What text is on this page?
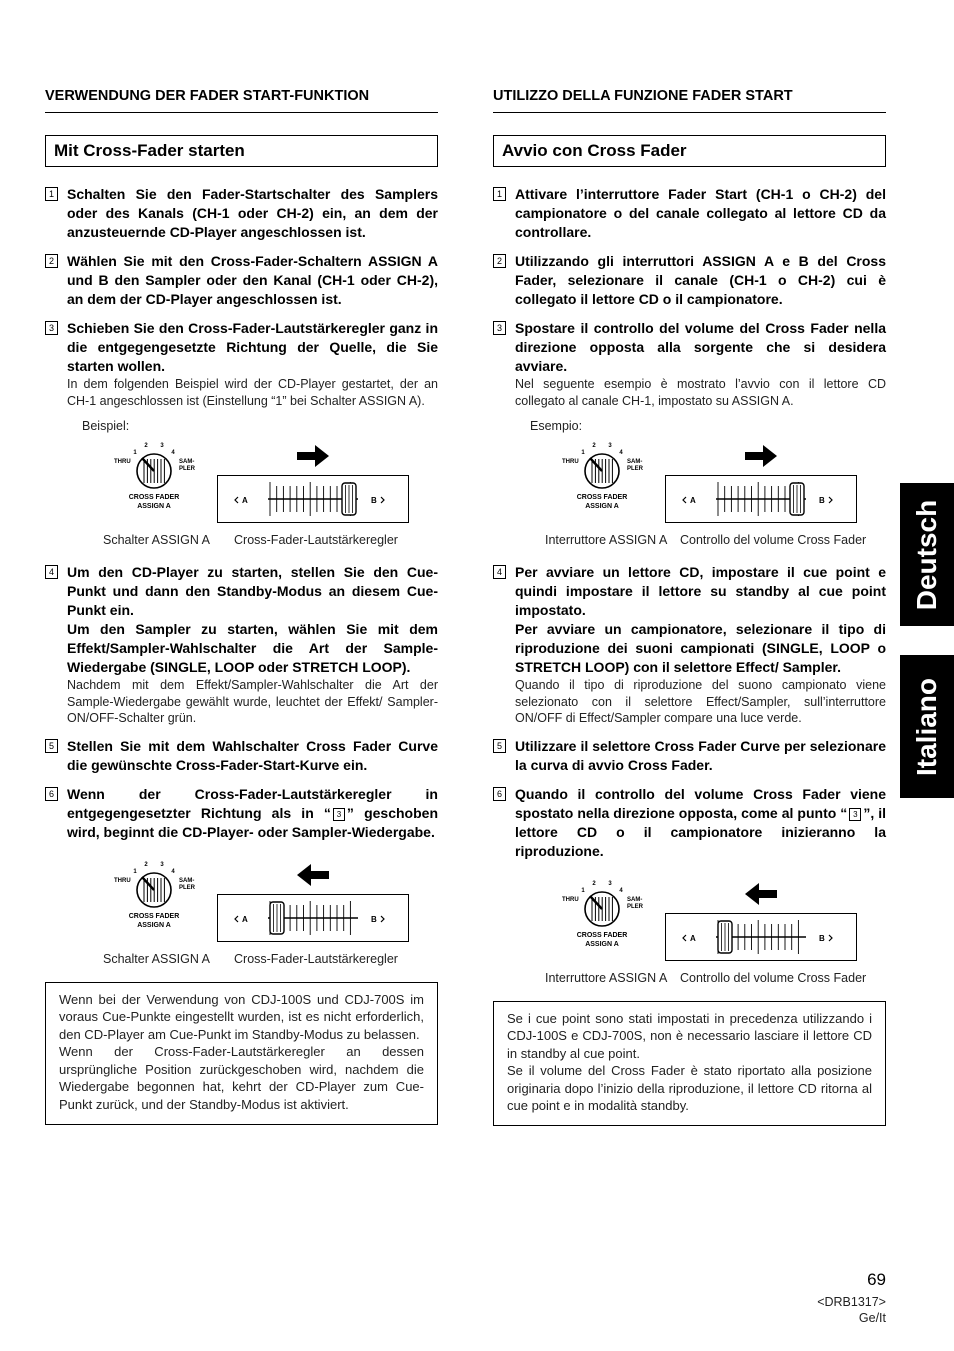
VERWENDUNG DER FADER START-FUNKTION
Mit Cross-Fader starten
1 Schalten Sie den Fader-Startschalter des Samplers oder des Kanals (CH-1 oder CH-2) ein, an dem der anzusteuernde CD-Player angeschlossen ist.

2 Wählen Sie mit den Cross-Fader-Schaltern ASSIGN A und B den Sampler oder den Kanal (CH-1 oder CH-2), an dem der CD-Player angeschlossen ist.

3 Schieben Sie den Cross-Fader-Lautstärkeregler ganz in die entgegengesetzte Richtung der Quelle, die Sie starten wollen.

In dem folgenden Beispiel wird der CD-Player gestartet, der an CH-1 angeschlossen ist (Einstellung “1” bei Schalter ASSIGN A).
Beispiel:
1
2 3
4
THRU	SAM-
PLER
CROSS FADER
ASSIGN A
A	B
Schalter ASSIGN A Cross-Fader-Lautstärkeregler
4 Um den CD-Player zu starten, stellen Sie den Cue-Punkt und dann den Standby-Modus an diesem Cue-Punkt ein.

Um den Sampler zu starten, wählen Sie mit dem Effekt/Sampler-Wahlschalter die Art der Sample-Wiedergabe (SINGLE, LOOP oder STRETCH LOOP).

Nachdem mit dem Effekt/Sampler-Wahlschalter die Art der Sample-Wiedergabe gewählt wurde, leuchtet der Effekt/ Sampler-ON/OFF-Schalter grün.
5 Stellen Sie mit dem Wahlschalter Cross Fader Curve die gewünschte Cross-Fader-Start-Kurve ein.

6 Wenn der Cross-Fader-Lautstärkeregler in entgegengesetzter Richtung als in “ 3 ” geschoben wird, beginnt die CD-Player- oder Sampler-Wiedergabe.

1
2 3
4
THRU	SAM-
PLER
CROSS FADER
ASSIGN A
A	B
Schalter ASSIGN A Cross-Fader-Lautstärkeregler

Wenn bei der Verwendung von CDJ-100S und CDJ-700S im voraus Cue-Punkte eingestellt wurden, ist es nicht erforderlich, den CD-Player am Cue-Punkt im Standby-Modus zu belassen.

Wenn der Cross-Fader-Lautstärkeregler an dessen ursprüngliche Position zurückgeschoben wird, nachdem die Wiedergabe begonnen hat, kehrt der CD-Player zum Cue-Punkt zurück, und der Standby-Modus ist aktiviert.

UTILIZZO DELLA FUNZIONE FADER START
Avvio con Cross Fader
1 Attivare l’interruttore Fader Start (CH-1 o CH-2) del campionatore o del canale collegato al lettore CD da controllare.

2 Utilizzando gli interruttori ASSIGN A e B del Cross Fader, selezionare il canale (CH-1 o CH-2) cui è collegato il lettore CD o il campionatore.

3 Spostare il controllo del volume del Cross Fader nella direzione opposta alla sorgente che si desidera avviare.

Nel seguente esempio è mostrato l’avvio con il lettore CD collegato al canale CH-1, impostato su ASSIGN A.
Esempio:
1
2 3
4
THRU	SAM-
PLER
CROSS FADER
ASSIGN A
A	B
Interruttore ASSIGN A Controllo del volume Cross Fader
4 Per avviare un lettore CD, impostare il cue point e quindi impostare il lettore su standby al cue point impostato.

Per avviare un campionatore, selezionare il tipo di riproduzione dei suoni campionati (SINGLE, LOOP o STRETCH LOOP) con il selettore Effect/ Sampler.

Quando il tipo di riproduzione del suono campionato viene selezionato con il selettore Effect/Sampler, sull’interruttore ON/OFF di Effect/Sampler compare una luce verde.
5 Utilizzare il selettore Cross Fader Curve per selezionare la curva di avvio Cross Fader.

6 Quando il controllo del volume Cross Fader viene spostato nella direzione opposta, come al punto “ 3 ”, il lettore CD o il campionatore inizieranno la riproduzione.

1
2 3
4
THRU	SAM-
PLER
CROSS FADER
ASSIGN A
A	B
Interruttore ASSIGN A Controllo del volume Cross Fader

Se i cue point sono stati impostati in precedenza utilizzando i CDJ-100S e CDJ-700S, non è necessario lasciare il lettore CD in standby al cue point.

Se il volume del Cross Fader è stato riportato alla posizione originaria dopo l’inizio della riproduzione, il lettore CD ritorna al cue point e in modalità standby.

Deutsch
Italiano
69
<DRB1317>
Ge/It
